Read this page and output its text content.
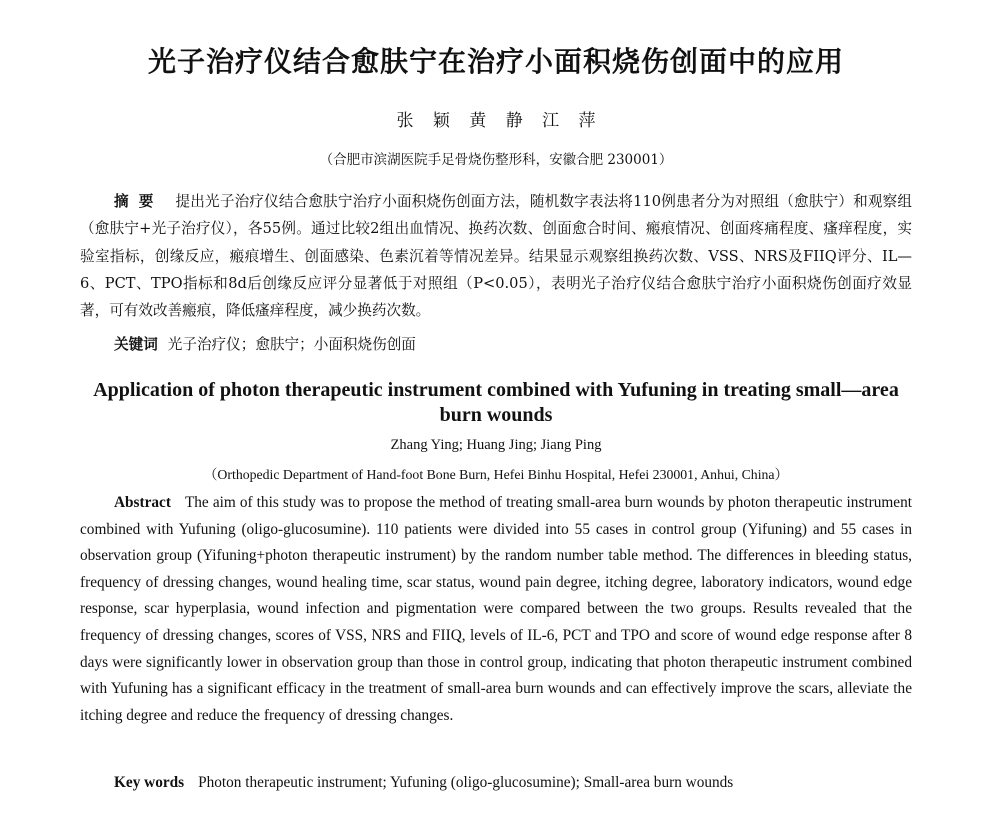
光子治疗仪结合愈肤宁在治疗小面积烧伤创面中的应用
张 颖 黄 静 江 萍
（合肥市滨湖医院手足骨烧伤整形科，安徽合肥 230001）
摘要 提出光子治疗仪结合愈肤宁治疗小面积烧伤创面方法，随机数字表法将110例患者分为对照组（愈肤宁）和观察组（愈肤宁+光子治疗仪），各55例。通过比较2组出血情况、换药次数、创面愈合时间、瘢痕情况、创面疼痛程度、瘙痒程度，实验室指标，创缘反应，瘢痕增生、创面感染、色素沉着等情况差异。结果显示观察组换药次数、VSS、NRS及FIIQ评分、IL—6、PCT、TPO指标和8d后创缘反应评分显著低于对照组（P<0.05），表明光子治疗仪结合愈肤宁治疗小面积烧伤创面疗效显著，可有效改善瘢痕，降低瘙痒程度，减少换药次数。
关键词 光子治疗仪；愈肤宁；小面积烧伤创面
Application of photon therapeutic instrument combined with Yufuning in treating small—area burn wounds
Zhang Ying; Huang Jing; Jiang Ping
（Orthopedic Department of Hand-foot Bone Burn, Hefei Binhu Hospital, Hefei 230001, Anhui, China）
Abstract The aim of this study was to propose the method of treating small-area burn wounds by photon therapeutic instrument combined with Yufuning (oligo-glucosumine). 110 patients were divided into 55 cases in control group (Yifuning) and 55 cases in observation group (Yifuning+photon therapeutic instrument) by the random number table method. The differences in bleeding status, frequency of dressing changes, wound healing time, scar status, wound pain degree, itching degree, laboratory indicators, wound edge response, scar hyperplasia, wound infection and pigmentation were compared between the two groups. Results revealed that the frequency of dressing changes, scores of VSS, NRS and FIIQ, levels of IL-6, PCT and TPO and score of wound edge response after 8 days were significantly lower in observation group than those in control group, indicating that photon therapeutic instrument combined with Yufuning has a significant efficacy in the treatment of small-area burn wounds and can effectively improve the scars, alleviate the itching degree and reduce the frequency of dressing changes.
Key words Photon therapeutic instrument; Yufuning (oligo-glucosumine); Small-area burn wounds
